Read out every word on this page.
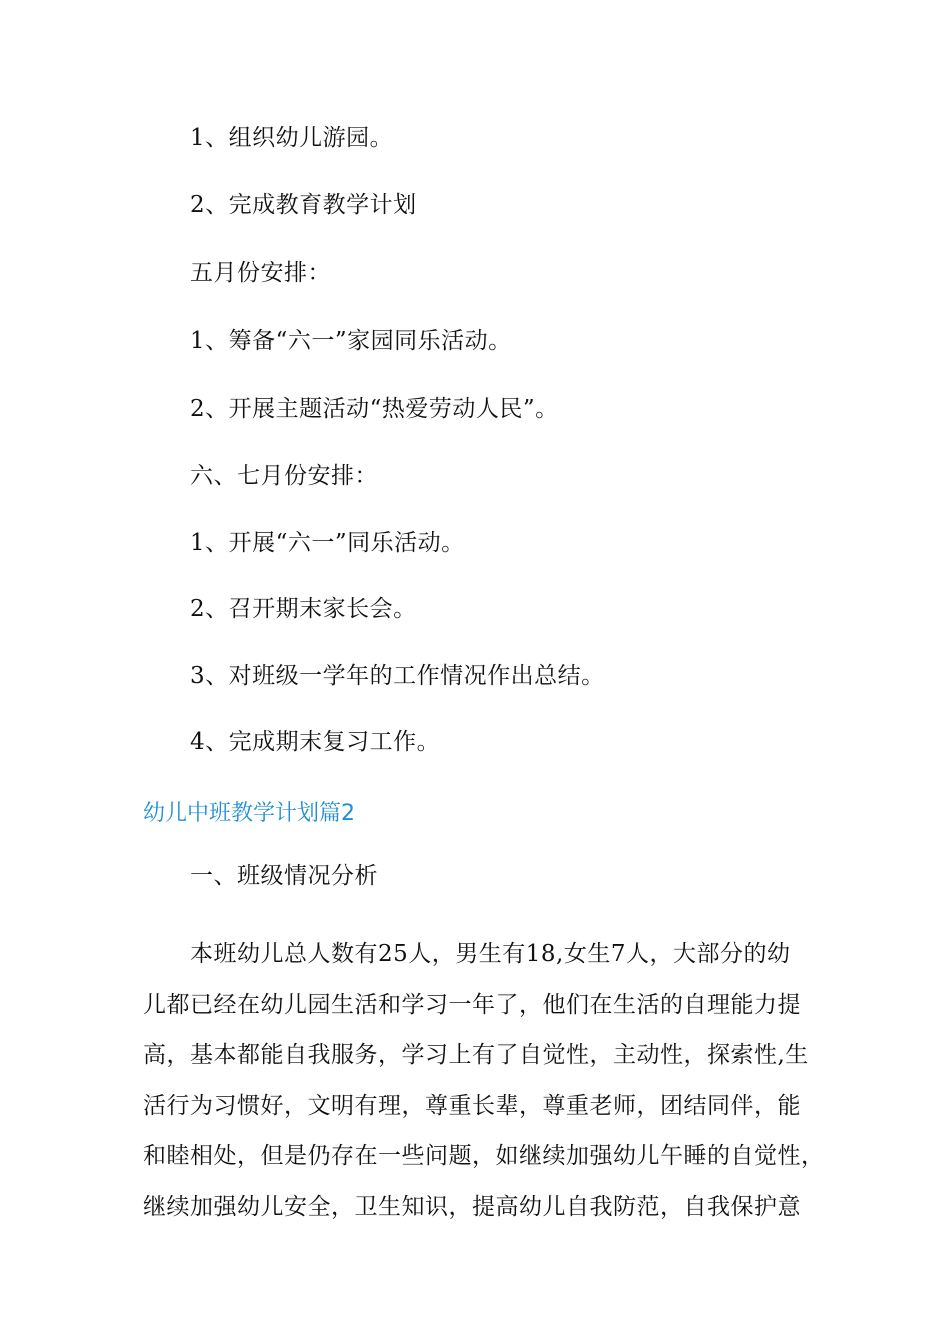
1、组织幼儿游园。
2、完成教育教学计划
五月份安排：
1、筹备“六一”家园同乐活动。
2、开展主题活动“热爱劳动人民”。
六、七月份安排：
1、开展“六一”同乐活动。
2、召开期末家长会。
3、对班级一学年的工作情况作出总结。
4、完成期末复习工作。
幼儿中班教学计划篇2
一、班级情况分析
本班幼儿总人数有25人，男生有18,女生7人，大部分的幼
儿都已经在幼儿园生活和学习一年了，他们在生活的自理能力提
高，基本都能自我服务，学习上有了自觉性，主动性，探索性,生
活行为习惯好，文明有理，尊重长辈，尊重老师，团结同伴，能
和睦相处，但是仍存在一些问题，如继续加强幼儿午睡的自觉性，
继续加强幼儿安全，卫生知识，提高幼儿自我防范，自我保护意
